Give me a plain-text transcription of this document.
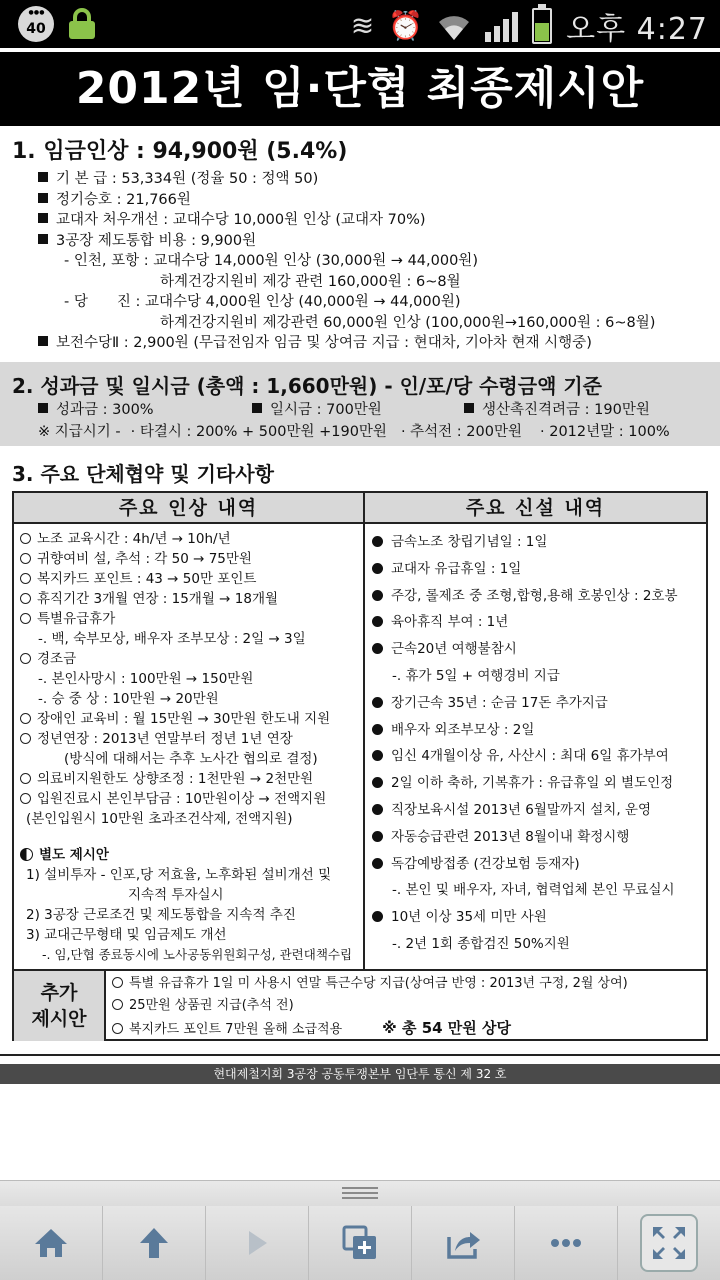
● ● ● 40	≋ ⏰	오후 4:27
2012년 임·단협 최종제시안
1. 임금인상 : 94,900원 (5.4%)
기 본 급 : 53,334원 (정율 50 : 정액 50)
정기승호 : 21,766원
교대자 처우개선 : 교대수당 10,000원 인상 (교대자 70%)
3공장 제도통합 비용 : 9,900원
- 인천, 포항 : 교대수당 14,000원 인상 (30,000원 → 44,000원)
하계건강지원비 제강 관련 160,000원 : 6~8월
- 당　　진 : 교대수당 4,000원 인상 (40,000원 → 44,000원)
하계건강지원비 제강관련 60,000원 인상 (100,000원→160,000원 : 6~8월)
보전수당Ⅱ : 2,900원 (무급전임자 임금 및 상여금 지급 : 현대차, 기아차 현재 시행중)
2. 성과금 및 일시금 (총액 : 1,660만원) - 인/포/당 수령금액 기준
성과금 : 300%	일시금 : 700만원	생산촉진격려금 : 190만원
※ 지급시기 - · 타결시 : 200% + 500만원 +190만원 · 추석전 : 200만원 · 2012년말 : 100%
3. 주요 단체협약 및 기타사항
주요 인상 내역	주요 신설 내역
노조 교육시간 : 4h/년 → 10h/년
귀향여비 설, 추석 : 각 50 → 75만원
복지카드 포인트 : 43 → 50만 포인트
휴직기간 3개월 연장 : 15개월 → 18개월
특별유급휴가
-. 백, 숙부모상, 배우자 조부모상 : 2일 → 3일
경조금
-. 본인사망시 : 100만원 → 150만원
-. 승 중 상 : 10만원 → 20만원
장애인 교육비 : 월 15만원 → 30만원 한도내 지원
정년연장 : 2013년 연말부터 정년 1년 연장
(방식에 대해서는 추후 노사간 협의로 결정)
의료비지원한도 상향조정 : 1천만원 → 2천만원
입원진료시 본인부담금 : 10만원이상 → 전액지원
(본인입원시 10만원 초과조건삭제, 전액지원)
별도 제시안
1) 설비투자 - 인포,당 저효율, 노후화된 설비개선 및
지속적 투자실시
2) 3공장 근로조건 및 제도통합을 지속적 추진
3) 교대근무형태 및 임금제도 개선
-. 임,단협 종료동시에 노사공동위원회구성, 관련대책수립
금속노조 창립기념일 : 1일
교대자 유급휴일 : 1일
주강, 롤제조 중 조형,합형,용해 호봉인상 : 2호봉
육아휴직 부여 : 1년
근속20년 여행불참시
-. 휴가 5일 + 여행경비 지급
장기근속 35년 : 순금 17돈 추가지급
배우자 외조부모상 : 2일
임신 4개월이상 유, 사산시 : 최대 6일 휴가부여
2일 이하 축하, 기복휴가 : 유급휴일 외 별도인정
직장보육시설 2013년 6월말까지 설치, 운영
자동승급관련 2013년 8월이내 확정시행
독감예방접종 (건강보험 등재자)
-. 본인 및 배우자, 자녀, 협력업체 본인 무료실시
10년 이상 35세 미만 사원
-. 2년 1회 종합검진 50%지원
추가
제시안
특별 유급휴가 1일 미 사용시 연말 특근수당 지급(상여금 반영 : 2013년 구정, 2월 상여)
25만원 상품권 지급(추석 전)
복지카드 포인트 7만원 올해 소급적용	※ 총 54 만원 상당
현대제철지회 3공장 공동투쟁본부 임단투 통신 제 32 호
